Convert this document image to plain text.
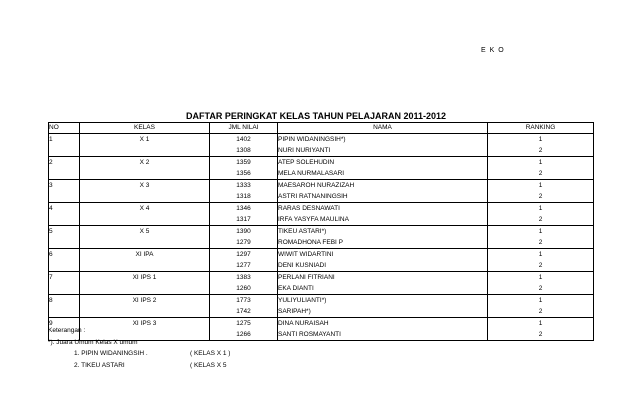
E K O
DAFTAR PERINGKAT KELAS TAHUN PELAJARAN 2011-2012
NO	KELAS	JML NILAI	NAMA	RANKING
1	X 1	1402	PIPIN WIDANINGSIH*)	1
		1308	NURI NURIYANTI	2
2	X 2	1359	ATEP SOLEHUDIN	1
		1356	MELA NURMALASARI	2
3	X 3	1333	MAESAROH NURAZIZAH	1
		1318	ASTRI RATNANINGSIH	2
4	X 4	1346	RARAS DESNAWATI	1
		1317	IRFA YASYFA MAULINA	2
5	X 5	1390	TIKEU ASTARI*)	1
		1279	ROMADHONA FEBI P	2
6	XI IPA	1297	WIWIT WIDARTINI	1
		1277	DENI KUSNIADI	2
7	XI IPS 1	1383	PERLANI FITRIANI	1
		1260	EKA DIANTI	2
8	XI IPS 2	1773	YULIYULIANTI*)	1
		1742	SARIPAH*)	2
9	XI IPS 3	1275	DINA NURAISAH	1
		1266	SANTI ROSMAYANTI	2
Keterangan :
*). Juara Umum Kelas X umum
1. PIPIN WIDANINGSIH .	( KELAS X 1 )
2. TIKEU ASTARI	( KELAS X 5
